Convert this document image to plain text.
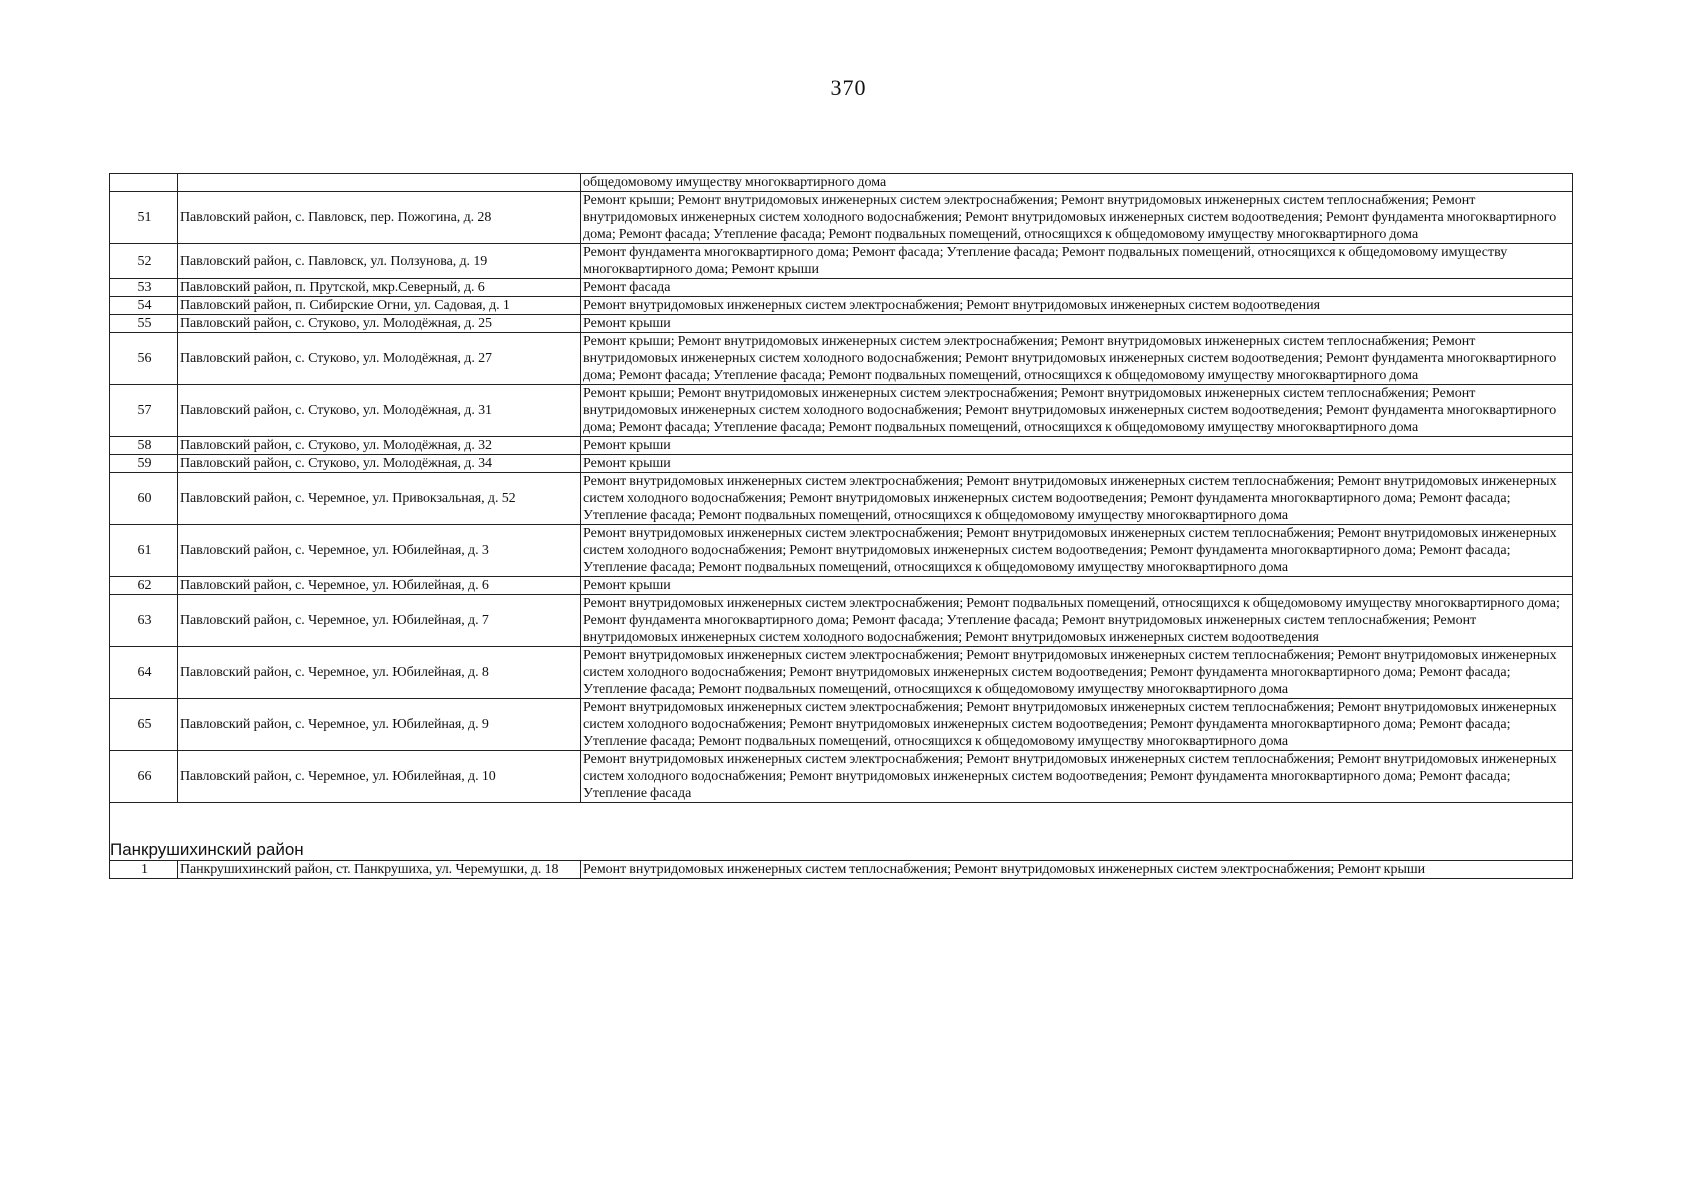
370
		общедомовому имуществу многоквартирного дома
51	Павловский район, с. Павловск, пер. Пожогина, д. 28	Ремонт крыши; Ремонт внутридомовых инженерных систем электроснабжения; Ремонт внутридомовых инженерных систем теплоснабжения; Ремонт внутридомовых инженерных систем холодного водоснабжения; Ремонт внутридомовых инженерных систем водоотведения; Ремонт фундамента многоквартирного дома; Ремонт фасада; Утепление фасада; Ремонт подвальных помещений, относящихся к общедомовому имуществу многоквартирного дома
52	Павловский район, с. Павловск, ул. Ползунова, д. 19	Ремонт фундамента многоквартирного дома; Ремонт фасада; Утепление фасада; Ремонт подвальных помещений, относящихся к общедомовому имуществу многоквартирного дома; Ремонт крыши
53	Павловский район, п. Прутской, мкр.Северный, д. 6	Ремонт фасада
54	Павловский район, п. Сибирские Огни, ул. Садовая, д. 1	Ремонт внутридомовых инженерных систем электроснабжения; Ремонт внутридомовых инженерных систем водоотведения
55	Павловский район, с. Стуково, ул. Молодёжная, д. 25	Ремонт крыши
56	Павловский район, с. Стуково, ул. Молодёжная, д. 27	Ремонт крыши; Ремонт внутридомовых инженерных систем электроснабжения; Ремонт внутридомовых инженерных систем теплоснабжения; Ремонт внутридомовых инженерных систем холодного водоснабжения; Ремонт внутридомовых инженерных систем водоотведения; Ремонт фундамента многоквартирного дома; Ремонт фасада; Утепление фасада; Ремонт подвальных помещений, относящихся к общедомовому имуществу многоквартирного дома
57	Павловский район, с. Стуково, ул. Молодёжная, д. 31	Ремонт крыши; Ремонт внутридомовых инженерных систем электроснабжения; Ремонт внутридомовых инженерных систем теплоснабжения; Ремонт внутридомовых инженерных систем холодного водоснабжения; Ремонт внутридомовых инженерных систем водоотведения; Ремонт фундамента многоквартирного дома; Ремонт фасада; Утепление фасада; Ремонт подвальных помещений, относящихся к общедомовому имуществу многоквартирного дома
58	Павловский район, с. Стуково, ул. Молодёжная, д. 32	Ремонт крыши
59	Павловский район, с. Стуково, ул. Молодёжная, д. 34	Ремонт крыши
60	Павловский район, с. Черемное, ул. Привокзальная, д. 52	Ремонт внутридомовых инженерных систем электроснабжения; Ремонт внутридомовых инженерных систем теплоснабжения; Ремонт внутридомовых инженерных систем холодного водоснабжения; Ремонт внутридомовых инженерных систем водоотведения; Ремонт фундамента многоквартирного дома; Ремонт фасада; Утепление фасада; Ремонт подвальных помещений, относящихся к общедомовому имуществу многоквартирного дома
61	Павловский район, с. Черемное, ул. Юбилейная, д. 3	Ремонт внутридомовых инженерных систем электроснабжения; Ремонт внутридомовых инженерных систем теплоснабжения; Ремонт внутридомовых инженерных систем холодного водоснабжения; Ремонт внутридомовых инженерных систем водоотведения; Ремонт фундамента многоквартирного дома; Ремонт фасада; Утепление фасада; Ремонт подвальных помещений, относящихся к общедомовому имуществу многоквартирного дома
62	Павловский район, с. Черемное, ул. Юбилейная, д. 6	Ремонт крыши
63	Павловский район, с. Черемное, ул. Юбилейная, д. 7	Ремонт внутридомовых инженерных систем электроснабжения; Ремонт подвальных помещений, относящихся к общедомовому имуществу многоквартирного дома; Ремонт фундамента многоквартирного дома; Ремонт фасада; Утепление фасада; Ремонт внутридомовых инженерных систем теплоснабжения; Ремонт внутридомовых инженерных систем холодного водоснабжения; Ремонт внутридомовых инженерных систем водоотведения
64	Павловский район, с. Черемное, ул. Юбилейная, д. 8	Ремонт внутридомовых инженерных систем электроснабжения; Ремонт внутридомовых инженерных систем теплоснабжения; Ремонт внутридомовых инженерных систем холодного водоснабжения; Ремонт внутридомовых инженерных систем водоотведения; Ремонт фундамента многоквартирного дома; Ремонт фасада; Утепление фасада; Ремонт подвальных помещений, относящихся к общедомовому имуществу многоквартирного дома
65	Павловский район, с. Черемное, ул. Юбилейная, д. 9	Ремонт внутридомовых инженерных систем электроснабжения; Ремонт внутридомовых инженерных систем теплоснабжения; Ремонт внутридомовых инженерных систем холодного водоснабжения; Ремонт внутридомовых инженерных систем водоотведения; Ремонт фундамента многоквартирного дома; Ремонт фасада; Утепление фасада; Ремонт подвальных помещений, относящихся к общедомовому имуществу многоквартирного дома
66	Павловский район, с. Черемное, ул. Юбилейная, д. 10	Ремонт внутридомовых инженерных систем электроснабжения; Ремонт внутридомовых инженерных систем теплоснабжения; Ремонт внутридомовых инженерных систем холодного водоснабжения; Ремонт внутридомовых инженерных систем водоотведения; Ремонт фундамента многоквартирного дома; Ремонт фасада; Утепление фасада

Панкрушихинский район		
1	Панкрушихинский район, ст. Панкрушиха, ул. Черемушки, д. 18	Ремонт внутридомовых инженерных систем теплоснабжения; Ремонт внутридомовых инженерных систем электроснабжения; Ремонт крыши
